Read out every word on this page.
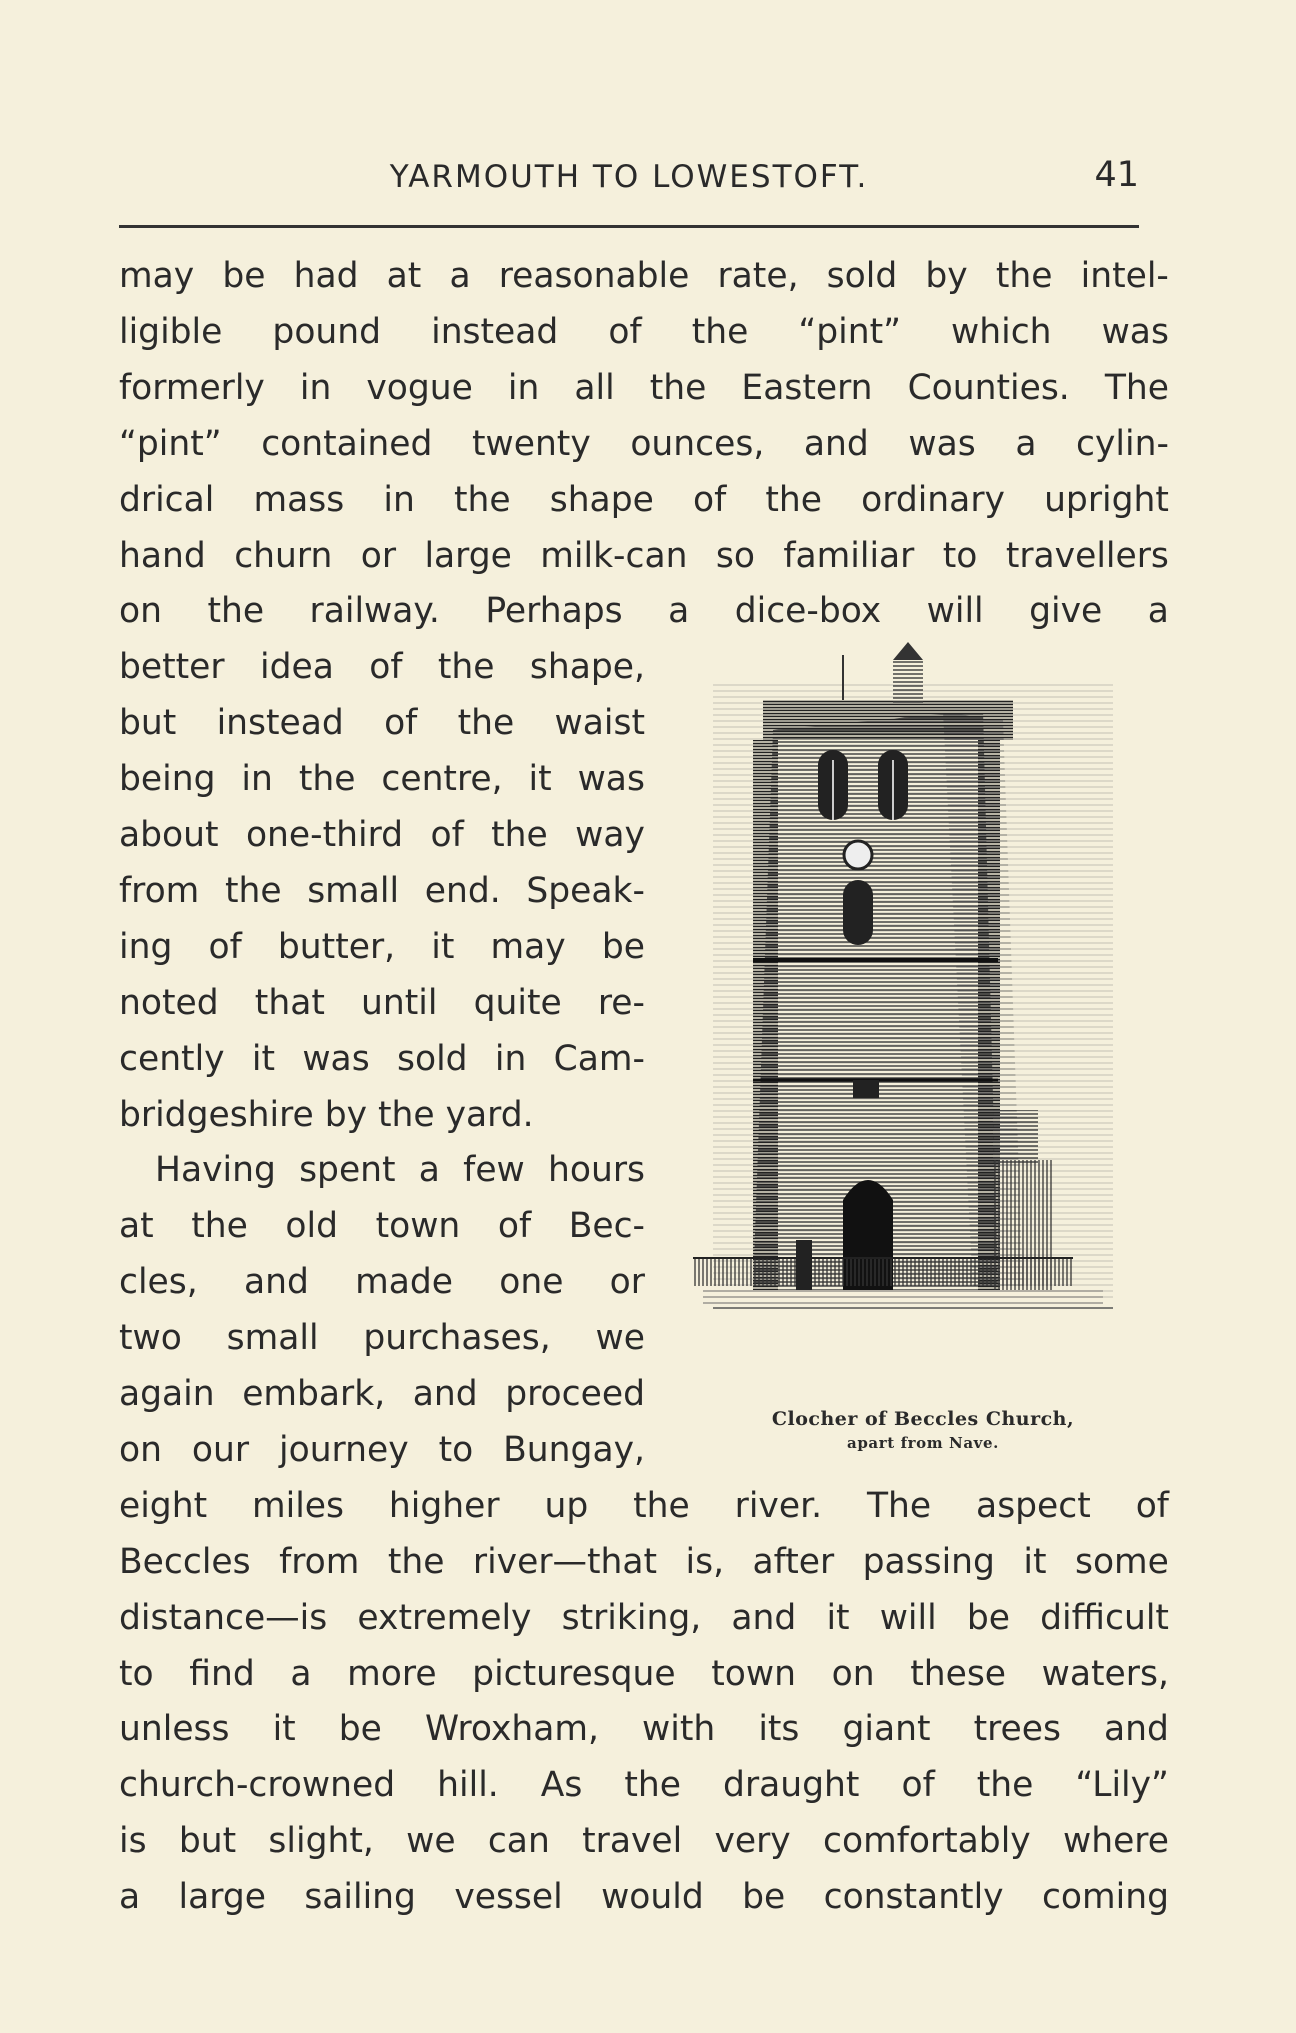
YARMOUTH TO LOWESTOFT.	41
may be had at a reasonable rate, sold by the intel-
ligible pound instead of the “pint” which was
formerly in vogue in all the Eastern Counties. The
“pint” contained twenty ounces, and was a cylin-
drical mass in the shape of the ordinary upright
hand churn or large milk-can so familiar to travellers
on the railway. Perhaps a dice-box will give a
better idea of the shape,
but instead of the waist
being in the centre, it was
about one-third of the way
from the small end. Speak-
ing of butter, it may be
noted that until quite re-
cently it was sold in Cam-
bridgeshire by the yard.
Having spent a few hours
at the old town of Bec-
cles, and made one or
two small purchases, we
again embark, and proceed
on our journey to Bungay,
eight miles higher up the river. The aspect of
Beccles from the river—that is, after passing it some
distance—is extremely striking, and it will be difficult
to find a more picturesque town on these waters,
unless it be Wroxham, with its giant trees and
church-crowned hill. As the draught of the “Lily”
is but slight, we can travel very comfortably where
a large sailing vessel would be constantly coming
Clocher of Beccles Church,
apart from Nave.
